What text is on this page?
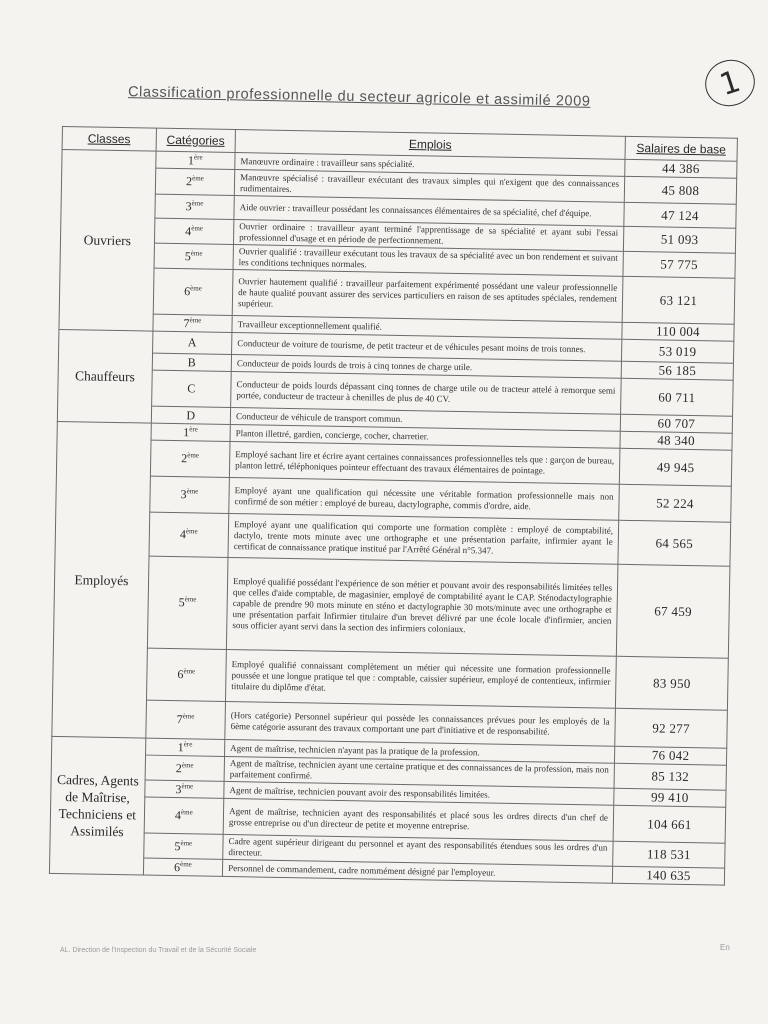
1
Classification professionnelle du secteur agricole et assimilé 2009
Classes	Catégories	Emplois	Salaires de base
Ouvriers	1ère	Manœuvre ordinaire : travailleur sans spécialité.	44 386
	2ème	Manœuvre spécialisé : travailleur exécutant des travaux simples qui n'exigent que des connaissances rudimentaires.	45 808
	3ème	Aide ouvrier : travailleur possédant les connaissances élémentaires de sa spécialité, chef d'équipe.	47 124
	4ème	Ouvrier ordinaire : travailleur ayant terminé l'apprentissage de sa spécialité et ayant subi l'essai professionnel d'usage et en période de perfectionnement.	51 093
	5ème	Ouvrier qualifié : travailleur exécutant tous les travaux de sa spécialité avec un bon rendement et suivant les conditions techniques normales.	57 775
	6ème	Ouvrier hautement qualifié : travailleur parfaitement expérimenté possédant une valeur professionnelle de haute qualité pouvant assurer des services particuliers en raison de ses aptitudes spéciales, rendement supérieur.	63 121
	7ème	Travailleur exceptionnellement qualifié.	110 004
Chauffeurs	A	Conducteur de voiture de tourisme, de petit tracteur et de véhicules pesant moins de trois tonnes.	53 019
	B	Conducteur de poids lourds de trois à cinq tonnes de charge utile.	56 185
	C	Conducteur de poids lourds dépassant cinq tonnes de charge utile ou de tracteur attelé à remorque semi portée, conducteur de tracteur à chenilles de plus de 40 CV.	60 711
	D	Conducteur de véhicule de transport commun.	60 707
Employés	1ère	Planton illettré, gardien, concierge, cocher, charretier.	48 340
	2ème	Employé sachant lire et écrire ayant certaines connaissances professionnelles tels que : garçon de bureau, planton lettré, téléphoniques pointeur effectuant des travaux élémentaires de pointage.	49 945
	3ème	Employé ayant une qualification qui nécessite une véritable formation professionnelle mais non confirmé de son métier : employé de bureau, dactylographe, commis d'ordre, aide.	52 224
	4ème	Employé ayant une qualification qui comporte une formation complète : employé de comptabilité, dactylo, trente mots minute avec une orthographe et une présentation parfaite, infirmier ayant le certificat de connaissance pratique institué par l'Arrêté Général n°5.347.	64 565
	5ème	Employé qualifié possédant l'expérience de son métier et pouvant avoir des responsabilités limitées telles que celles d'aide comptable, de magasinier, employé de comptabilité ayant le CAP. Sténodactylographie capable de prendre 90 mots minute en sténo et dactylographie 30 mots/minute avec une orthographe et une présentation parfait Infirmier titulaire d'un brevet délivré par une école locale d'infirmier, ancien sous officier ayant servi dans la section des infirmiers coloniaux.	67 459
	6ème	Employé qualifié connaissant complètement un métier qui nécessite une formation professionnelle poussée et une longue pratique tel que : comptable, caissier supérieur, employé de contentieux, infirmier titulaire du diplôme d'état.	83 950
	7ème	(Hors catégorie) Personnel supérieur qui possède les connaissances prévues pour les employés de la 6ème catégorie assurant des travaux comportant une part d'initiative et de responsabilité.	92 277
Cadres, Agents de Maîtrise, Techniciens et Assimilés	1ère	Agent de maîtrise, technicien n'ayant pas la pratique de la profession.	76 042
	2ème	Agent de maîtrise, technicien ayant une certaine pratique et des connaissances de la profession, mais non parfaitement confirmé.	85 132
	3ème	Agent de maîtrise, technicien pouvant avoir des responsabilités limitées.	99 410
	4ème	Agent de maîtrise, technicien ayant des responsabilités et placé sous les ordres directs d'un chef de grosse entreprise ou d'un directeur de petite et moyenne entreprise.	104 661
	5ème	Cadre agent supérieur dirigeant du personnel et ayant des responsabilités étendues sous les ordres d'un directeur.	118 531
	6ème	Personnel de commandement, cadre nommément désigné par l'employeur.	140 635
AL. Direction de l'Inspection du Travail et de la Sécurité Sociale	En
